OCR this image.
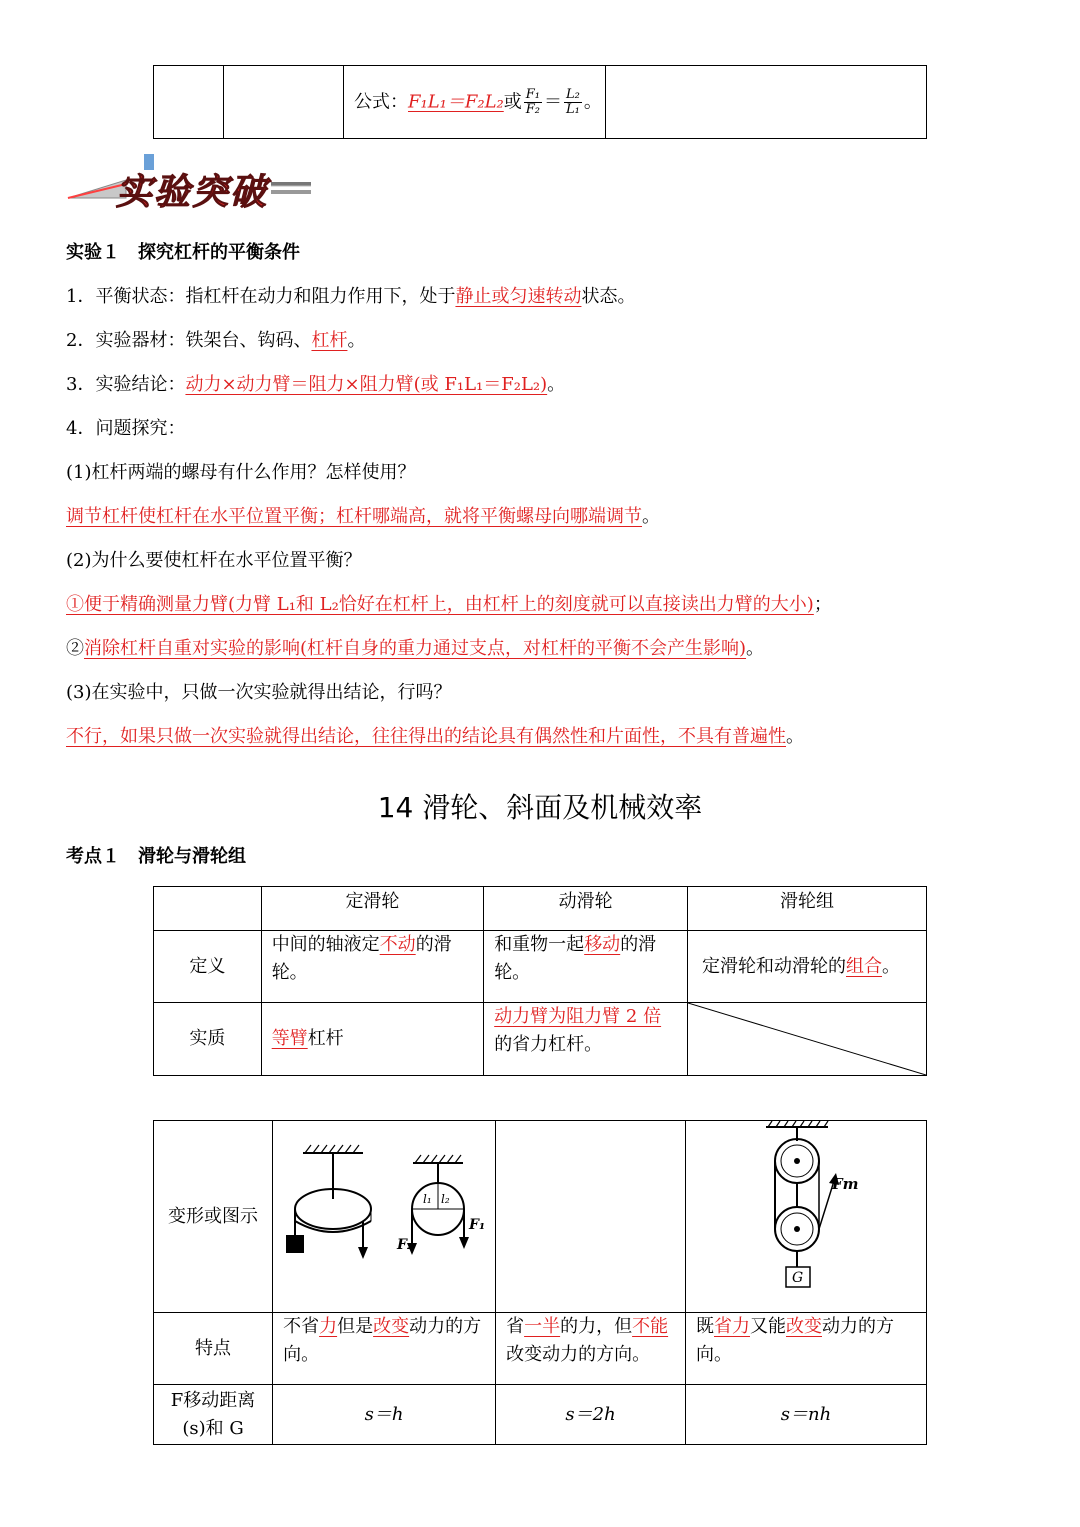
		公式：F₁L₁＝F₂L₂或 $\frac{\text{F₁}}{\text{F₂}} = \frac{\text{L₂}}{\text{L₁}}$ 。	
实验突破
实验１　探究杠杆的平衡条件
1．平衡状态：指杠杆在动力和阻力作用下，处于静止或匀速转动状态。
2．实验器材：铁架台、钩码、杠杆。
3．实验结论：动力×动力臂＝阻力×阻力臂(或 F₁L₁＝F₂L₂)。
4．问题探究：
(1)杠杆两端的螺母有什么作用？怎样使用？
调节杠杆使杠杆在水平位置平衡；杠杆哪端高，就将平衡螺母向哪端调节。
(2)为什么要使杠杆在水平位置平衡？
①便于精确测量力臂(力臂 L₁和 L₂恰好在杠杆上，由杠杆上的刻度就可以直接读出力臂的大小)；
②消除杠杆自重对实验的影响(杠杆自身的重力通过支点，对杠杆的平衡不会产生影响)。
(3)在实验中，只做一次实验就得出结论，行吗？
不行，如果只做一次实验就得出结论，往往得出的结论具有偶然性和片面性，不具有普遍性。
14 滑轮、斜面及机械效率
考点１　滑轮与滑轮组
	定滑轮	动滑轮	滑轮组
定义	中间的轴液定不动的滑轮。	和重物一起移动的滑轮。	定滑轮和动滑轮的组合。
实质	等臂杠杆	动力臂为阻力臂 2 倍
的省力杠杆。	
变形或图示	l₁ l₂
F₂
F₁		Fm
G

特点	不省力但是改变动力的方向。	省一半的力，但不能改变动力的方向。	既省力又能改变动力的方向。
F移动距离(s)和 G	s＝h	s＝2h	s＝nh
